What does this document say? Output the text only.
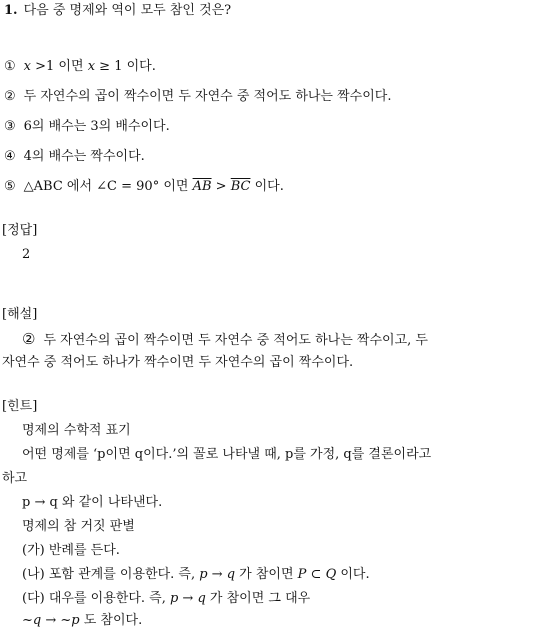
1. 다음 중 명제와 역이 모두 참인 것은?
① x >1 이면 x ≥ 1 이다.
② 두 자연수의 곱이 짝수이면 두 자연수 중 적어도 하나는 짝수이다.
③ 6의 배수는 3의 배수이다.
④ 4의 배수는 짝수이다.
⑤ △ABC 에서 ∠C = 90° 이면 $\overline{AB} > \overline{BC}$ 이다.
[정답]
2
[해설]
② 두 자연수의 곱이 짝수이면 두 자연수 중 적어도 하나는 짝수이고, 두
자연수 중 적어도 하나가 짝수이면 두 자연수의 곱이 짝수이다.
[힌트]
명제의 수학적 표기
어떤 명제를 ‘p이면 q이다.’의 꼴로 나타낼 때, p를 가정, q를 결론이라고
하고
p → q 와 같이 나타낸다.
명제의 참 거짓 판별
(가) 반례를 든다.
(나) 포함 관계를 이용한다. 즉, p → q 가 참이면 P ⊂ Q 이다.
(다) 대우를 이용한다. 즉, p → q 가 참이면 그 대우
~q → ~p 도 참이다.
